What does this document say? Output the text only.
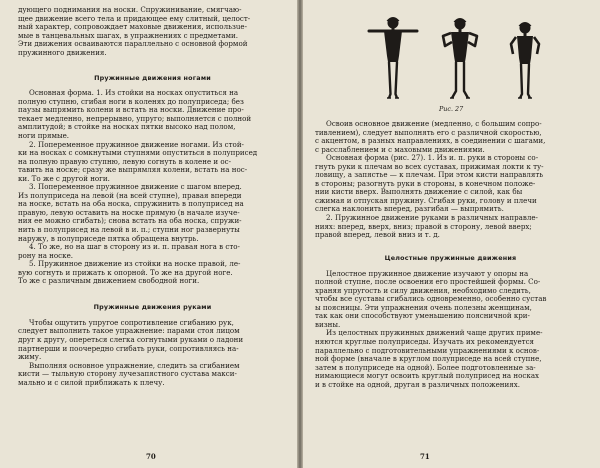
дующего поднимания на носки. Спружинивание, смягчаю-

щее движение всего тела и придающее ему слитный, целост-

ный характер, сопровождает маховые движения, использue-

мые в танцевальных шагах, в упражнениях с предметами.

Эти движения осваиваются параллельно с основной формой

пружинного движения.

Пружинные движения ногами

Основная форма. 1. Из стойки на носках опуститься на

полную ступню, сгибая ноги в коленях до полуприседа; без

паузы выпрямить колени и встать на носки. Движение про-

текает медленно, непрерывно, упруго; выполняется с полной

амплитудой; в стойке на носках пятки высоко над полом,

ноги прямые.

2. Попеременное пружинное движение ногами. Из стой-

ки на носках с сомкнутыми ступнями опуститься в полуприсед

на полную правую ступню, левую согнуть в колене и ос-

тавить на носке; сразу же выпрямляя колени, встать на нос-

ки. То же с другой ноги.

3. Попеременное пружинное движение с шагом вперед.

Из полуприседа на левой (на всей ступне), правая впереди

на носке, встать на оба носка, спружинить в полуприсед на

правую, левую оставить на носке прямую (в начале изуче-

ния ее можно сгибать); снова встать на оба носка, спружи-

нить в полуприсед на левой в и. п.; ступни ног развернуты

наружу, в полуприседе пятка обращена внутрь.

4. То же, но на шаг в сторону из и. п. правая нога в сто-

рону на носке.

5. Пружинное движение из стойки на носке правой, ле-

вую согнуть и прижать к опорной. То же на другой ноге.

То же с различным движением свободной ноги.

Пружинные движения руками

Чтобы ощутить упругое сопротивление сгибанию рук,

следует выполнить такое упражнение: парами стоя лицом

друг к другу, опереться слегка согнутыми руками о ладони

партнерши и поочередно сгибать руки, сопротивляясь на-

жиму.

Выполняя основное упражнение, следить за сгибанием

кисти — тыльную сторону лучезапястного сустава макси-

мально и с силой приближать к плечу.

70
Рис. 27

Освоив основное движение (медленно, с большим сопро-

тивлением), следует выполнять его с различной скоростью,

с акцентом, в разных направлениях, в соединении с шагами,

с расслаблением и с маховыми движениями.

Основная форма (рис. 27). 1. Из и. п. руки в стороны со-

гнуть руки к плечам во всех суставах, прижимая локти к ту-

ловищу, а запястье — к плечам. При этом кисти направлять

в стороны; разогнуть руки в стороны, в конечном положе-

нии кисти вверх. Выполнять движение с силой, как бы

сжимая и отпуская пружину. Сгибая руки, голову и плечи

слегка наклонить вперед, разгибая — выпрямить.

2. Пружинное движение руками в различных направле-

ниях: вперед, вверх, вниз; правой в сторону, левой вверх;

правой вперед, левой вниз и т. д.

Целостные пружинные движения

Целостное пружинное движение изучают у опоры на

полной ступне, после освоения его простейшей формы. Со-

храняя упругость и силу движения, необходимо следить,

чтобы все суставы сгибались одновременно, особенно сустав

ы поясницы. Эти упражнения очень полезны женщинам,

так как они способствуют уменьшению поясничной кри-

визны.

Из целостных пружинных движений чаще других приме-

няются круглые полуприседы. Изучать их рекомендуется

параллельно с подготовительными упражнениями к основ-

ной форме (вначале в круглом полуприседе на всей ступне,

затем в полуприседе на одной). Более подготовленные за-

нимающиеся могут освоить круглый полуприсед на носках

и в стойке на одной, другая в различных положениях.

71
